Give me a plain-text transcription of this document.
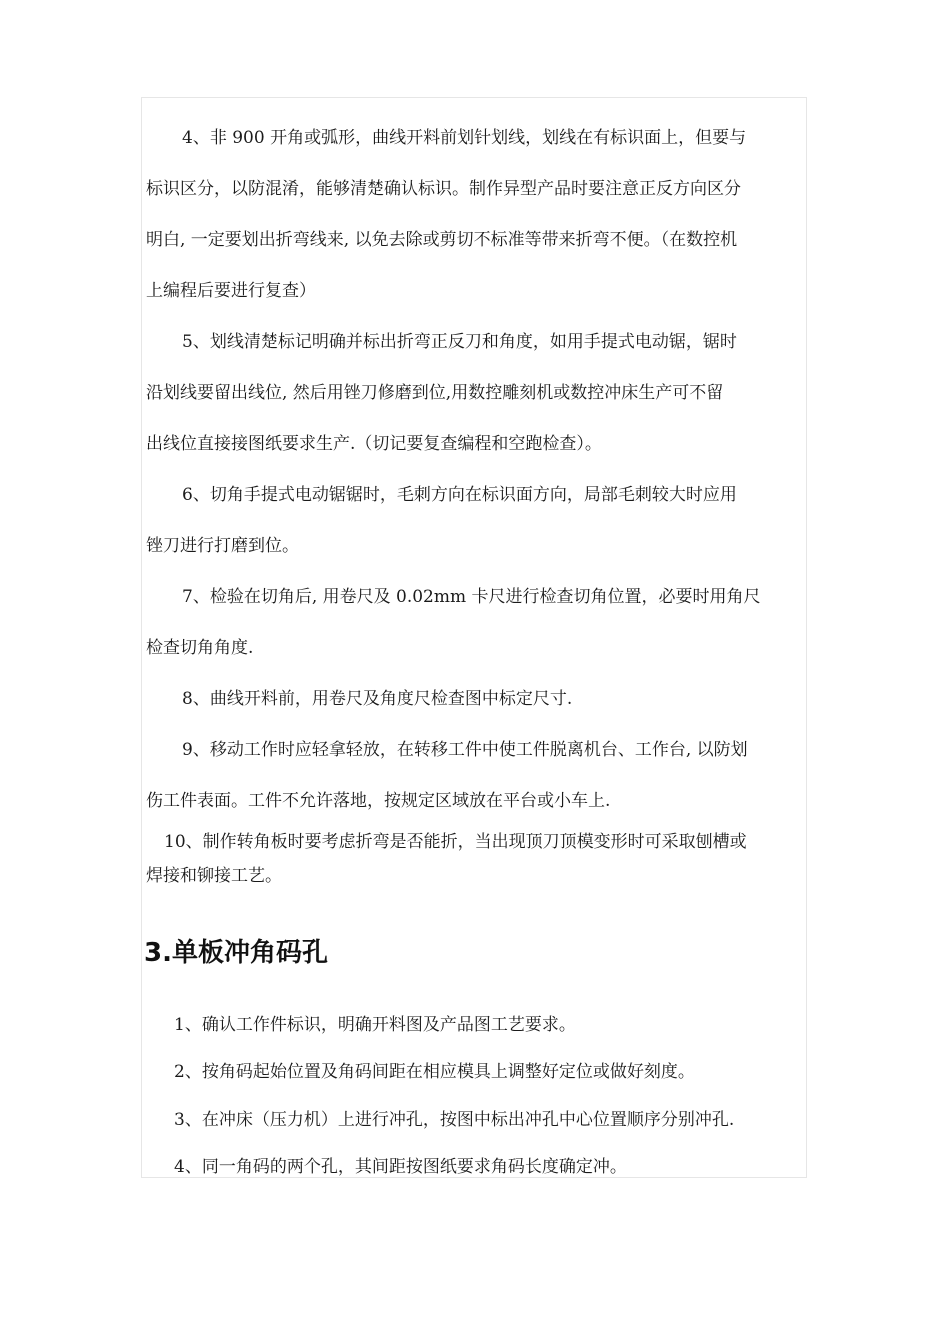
4、非 900 开角或弧形，曲线开料前划针划线，划线在有标识面上，但要与

标识区分，以防混淆，能够清楚确认标识。制作异型产品时要注意正反方向区分

明白, 一定要划出折弯线来, 以免去除或剪切不标准等带来折弯不便。（在数控机

上编程后要进行复查）

5、划线清楚标记明确并标出折弯正反刀和角度，如用手提式电动锯，锯时

沿划线要留出线位, 然后用锉刀修磨到位,用数控雕刻机或数控冲床生产可不留

出线位直接接图纸要求生产.（切记要复查编程和空跑检查）。

6、切角手提式电动锯锯时，毛刺方向在标识面方向，局部毛刺较大时应用

锉刀进行打磨到位。

7、检验在切角后, 用卷尺及 0.02mm 卡尺进行检查切角位置，必要时用角尺

检查切角角度.

8、曲线开料前，用卷尺及角度尺检查图中标定尺寸.

9、移动工作时应轻拿轻放，在转移工件中使工件脱离机台、工作台, 以防划

伤工件表面。工件不允许落地，按规定区域放在平台或小车上.

10、制作转角板时要考虑折弯是否能折，当出现顶刀顶模变形时可采取刨槽或

焊接和铆接工艺。

3.单板冲角码孔

1、确认工作件标识，明确开料图及产品图工艺要求。

2、按角码起始位置及角码间距在相应模具上调整好定位或做好刻度。

3、在冲床（压力机）上进行冲孔，按图中标出冲孔中心位置顺序分别冲孔.

4、同一角码的两个孔，其间距按图纸要求角码长度确定冲。
